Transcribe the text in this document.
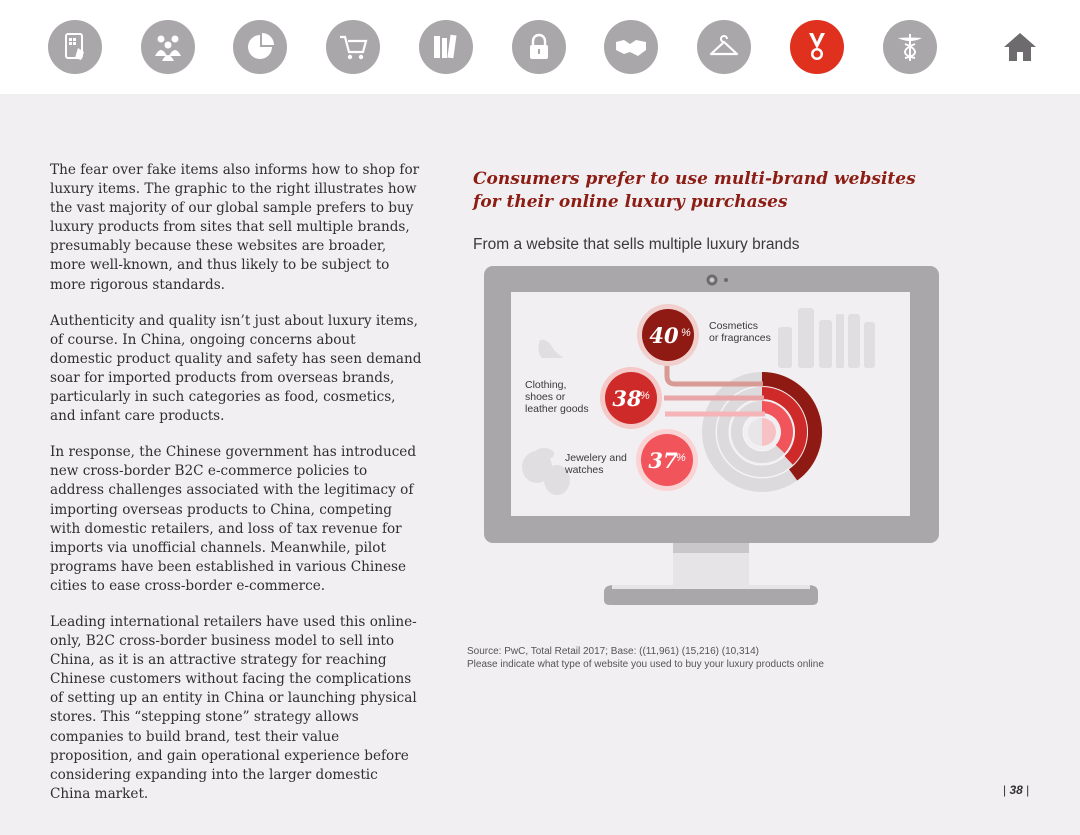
The fear over fake items also informs how to shop for luxury items. The graphic to the right illustrates how the vast majority of our global sample prefers to buy luxury products from sites that sell multiple brands, presumably because these websites are broader, more well-known, and thus likely to be subject to more rigorous standards.

Authenticity and quality isn’t just about luxury items, of course. In China, ongoing concerns about domestic product quality and safety has seen demand soar for imported products from overseas brands, particularly in such categories as food, cosmetics, and infant care products.

In response, the Chinese government has introduced new cross-border B2C e-commerce policies to address challenges associated with the legitimacy of importing overseas products to China, competing with domestic retailers, and loss of tax revenue for imports via unofficial channels. Meanwhile, pilot programs have been established in various Chinese cities to ease cross-border e-commerce.

Leading international retailers have used this online-only, B2C cross-border business model to sell into China, as it is an attractive strategy for reaching Chinese customers without facing the complications of setting up an entity in China or launching physical stores. This “stepping stone” strategy allows companies to build brand, test their value proposition, and gain operational experience before considering expanding into the larger domestic China market.

Consumers prefer to use multi-brand websites for their online luxury purchases
From a website that sells multiple luxury brands
40 %
38
%
37
%
Cosmetics
or fragrances
Clothing,
shoes or
leather goods
Jewelery and
watches
Source: PwC, Total Retail 2017; Base: ((11,961) (15,216) (10,314)
Please indicate what type of website you used to buy your luxury products online
| 38 |
